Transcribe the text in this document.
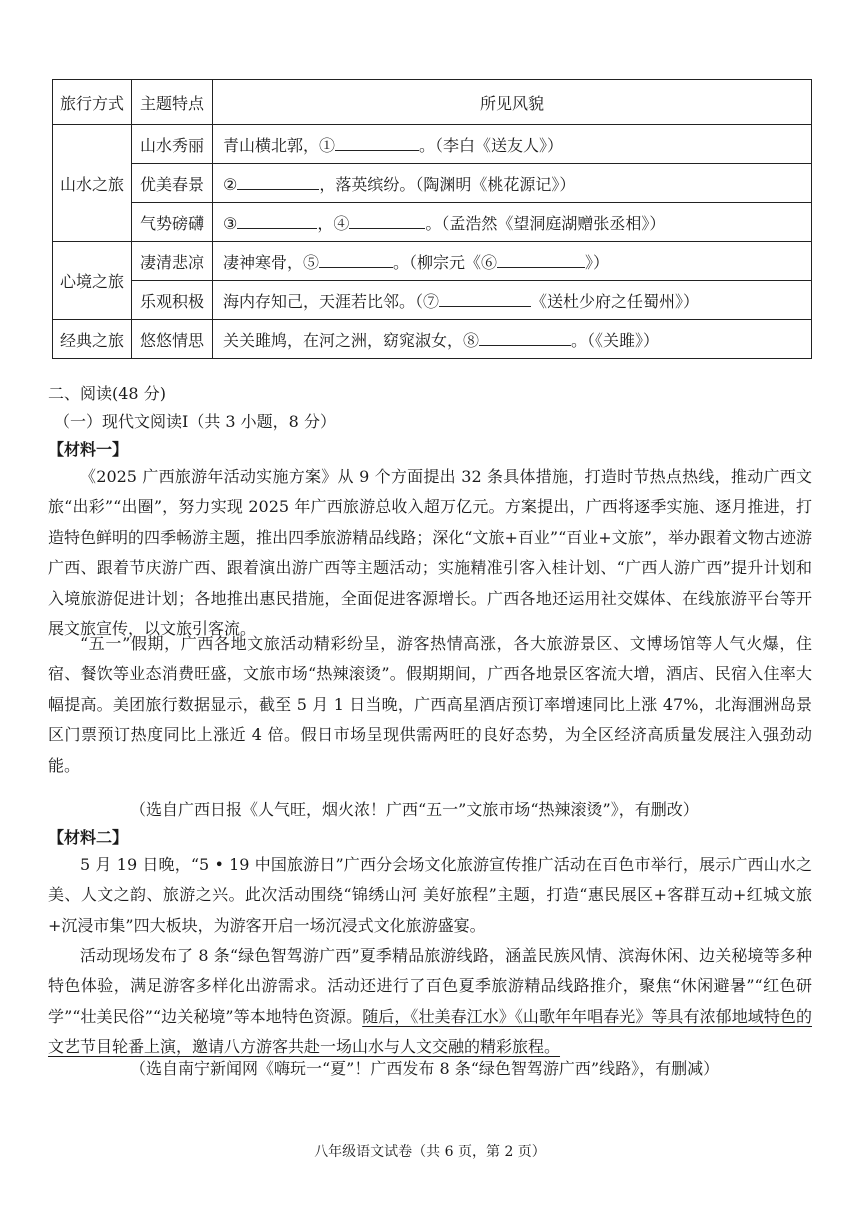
旅行方式	主题特点	所见风貌
山水之旅	山水秀丽	青山横北郭，① 。（李白《送友人》）
	优美春景	② ，落英缤纷。（陶渊明《桃花源记》）
	气势磅礴	③ ，④ 。（孟浩然《望洞庭湖赠张丞相》）
心境之旅	凄清悲凉	凄神寒骨，⑤ 。（柳宗元《⑥ 》）
	乐观积极	海内存知己，天涯若比邻。（⑦ 《送杜少府之任蜀州》）
经典之旅	悠悠情思	关关雎鸠，在河之洲，窈窕淑女，⑧ 。（《关雎》）
二、阅读(48 分)
（一）现代文阅读Ⅰ（共 3 小题，8 分）
【材料一】
《2025 广西旅游年活动实施方案》从 9 个方面提出 32 条具体措施，打造时节热点热线，推动广西文旅“出彩”“出圈”，努力实现 2025 年广西旅游总收入超万亿元。方案提出，广西将逐季实施、逐月推进，打造特色鲜明的四季畅游主题，推出四季旅游精品线路；深化“文旅+百业”“百业+文旅”，举办跟着文物古迹游广西、跟着节庆游广西、跟着演出游广西等主题活动；实施精准引客入桂计划、“广西人游广西”提升计划和入境旅游促进计划；各地推出惠民措施，全面促进客源增长。广西各地还运用社交媒体、在线旅游平台等开展文旅宣传，以文旅引客流。
“五一”假期，广西各地文旅活动精彩纷呈，游客热情高涨，各大旅游景区、文博场馆等人气火爆，住宿、餐饮等业态消费旺盛，文旅市场“热辣滚烫”。假期期间，广西各地景区客流大增，酒店、民宿入住率大幅提高。美团旅行数据显示，截至 5 月 1 日当晚，广西高星酒店预订率增速同比上涨 47%，北海涠洲岛景区门票预订热度同比上涨近 4 倍。假日市场呈现供需两旺的良好态势，为全区经济高质量发展注入强劲动能。
（选自广西日报《人气旺，烟火浓！广西“五一”文旅市场“热辣滚烫”》，有删改）
【材料二】
5 月 19 日晚，“5 • 19 中国旅游日”广西分会场文化旅游宣传推广活动在百色市举行，展示广西山水之美、人文之韵、旅游之兴。此次活动围绕“锦绣山河 美好旅程”主题，打造“惠民展区+客群互动+红城文旅+沉浸市集”四大板块，为游客开启一场沉浸式文化旅游盛宴。
活动现场发布了 8 条“绿色智驾游广西”夏季精品旅游线路，涵盖民族风情、滨海休闲、边关秘境等多种特色体验，满足游客多样化出游需求。活动还进行了百色夏季旅游精品线路推介，聚焦“休闲避暑”“红色研学”“壮美民俗”“边关秘境”等本地特色资源。随后，《壮美春江水》《山歌年年唱春光》等具有浓郁地域特色的文艺节目轮番上演，邀请八方游客共赴一场山水与人文交融的精彩旅程。
（选自南宁新闻网《嗨玩一“夏”！广西发布 8 条“绿色智驾游广西”线路》，有删减）
八年级语文试卷（共 6 页，第 2 页）
